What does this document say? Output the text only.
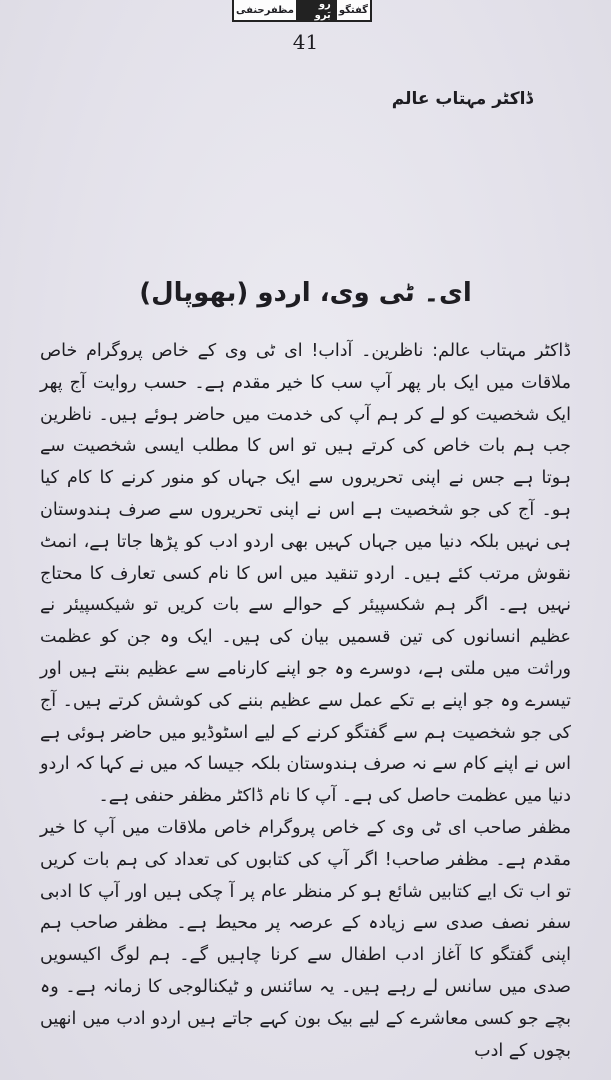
گفتگو
رو بَرو
مظفرحنفی
41
ڈاکٹر مہتاب عالم
ای۔ ٹی وی، اردو (بھوپال)

ڈاکٹر مہتاب عالم: ناظرین۔ آداب! ای ٹی وی کے خاص پروگرام خاص ملاقات میں ایک بار پھر آپ سب کا خیر مقدم ہے۔ حسب روایت آج پھر ایک شخصیت کو لے کر ہم آپ کی خدمت میں حاضر ہوئے ہیں۔ ناظرین جب ہم بات خاص کی کرتے ہیں تو اس کا مطلب ایسی شخصیت سے ہوتا ہے جس نے اپنی تحریروں سے ایک جہاں کو منور کرنے کا کام کیا ہو۔ آج کی جو شخصیت ہے اس نے اپنی تحریروں سے صرف ہندوستان ہی نہیں بلکہ دنیا میں جہاں کہیں بھی اردو ادب کو پڑھا جاتا ہے، انمٹ نقوش مرتب کئے ہیں۔ اردو تنقید میں اس کا نام کسی تعارف کا محتاج نہیں ہے۔ اگر ہم شکسپیئر کے حوالے سے بات کریں تو شیکسپیئر نے عظیم انسانوں کی تین قسمیں بیان کی ہیں۔ ایک وہ جن کو عظمت وراثت میں ملتی ہے، دوسرے وہ جو اپنے کارنامے سے عظیم بنتے ہیں اور تیسرے وہ جو اپنے بے تکے عمل سے عظیم بننے کی کوشش کرتے ہیں۔ آج کی جو شخصیت ہم سے گفتگو کرنے کے لیے اسٹوڈیو میں حاضر ہوئی ہے اس نے اپنے کام سے نہ صرف ہندوستان بلکہ جیسا کہ میں نے کہا کہ اردو دنیا میں عظمت حاصل کی ہے۔ آپ کا نام ڈاکٹر مظفر حنفی ہے۔

مظفر صاحب ای ٹی وی کے خاص پروگرام خاص ملاقات میں آپ کا خیر مقدم ہے۔ مظفر صاحب! اگر آپ کی کتابوں کی تعداد کی ہم بات کریں تو اب تک ایے کتابیں شائع ہو کر منظر عام پر آ چکی ہیں اور آپ کا ادبی سفر نصف صدی سے زیادہ کے عرصہ پر محیط ہے۔ مظفر صاحب ہم اپنی گفتگو کا آغاز ادب اطفال سے کرنا چاہیں گے۔ ہم لوگ اکیسویں صدی میں سانس لے رہے ہیں۔ یہ سائنس و ٹیکنالوجی کا زمانہ ہے۔ وہ بچے جو کسی معاشرے کے لیے بیک بون کہے جاتے ہیں اردو ادب میں انھیں بچوں کے ادب
